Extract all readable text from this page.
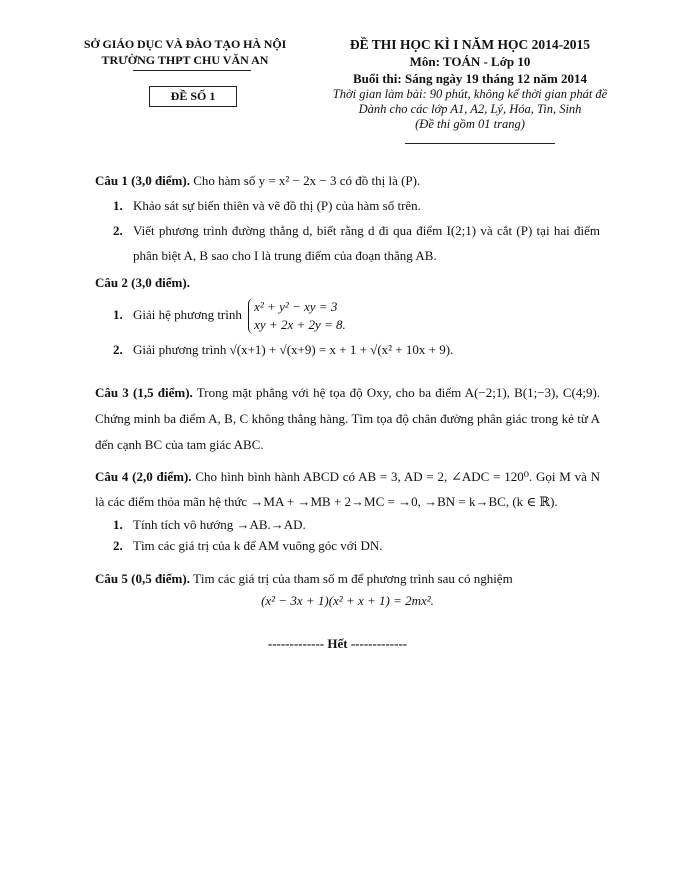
SỞ GIÁO DỤC VÀ ĐÀO TẠO HÀ NỘI
TRƯỜNG THPT CHU VĂN AN
ĐỀ SỐ 1
ĐỀ THI HỌC KÌ I NĂM HỌC 2014-2015
Môn: TOÁN - Lớp 10
Buổi thi: Sáng ngày 19 tháng 12 năm 2014
Thời gian làm bài: 90 phút, không kể thời gian phát đề
Dành cho các lớp A1, A2, Lý, Hóa, Tin, Sinh
(Đề thi gồm 01 trang)
Câu 1 (3,0 điểm). Cho hàm số y = x² − 2x − 3 có đồ thị là (P).
1. Khảo sát sự biến thiên và vẽ đồ thị (P) của hàm số trên.
2. Viết phương trình đường thẳng d, biết rằng d đi qua điểm I(2;1) và cắt (P) tại hai điểm phân biệt A, B sao cho I là trung điểm của đoạn thẳng AB.
Câu 2 (3,0 điểm).
1. Giải hệ phương trình
x² + y² − xy = 3
xy + 2x + 2y = 8.
2. Giải phương trình √(x+1) + √(x+9) = x + 1 + √(x² + 10x + 9).
Câu 3 (1,5 điểm). Trong mặt phẳng với hệ tọa độ Oxy, cho ba điểm A(−2;1), B(1;−3), C(4;9). Chứng minh ba điểm A, B, C không thẳng hàng. Tìm tọa độ chân đường phân giác trong kẻ từ A đến cạnh BC của tam giác ABC.
Câu 4 (2,0 điểm). Cho hình bình hành ABCD có AB = 3, AD = 2, ∠ADC = 120⁰. Gọi M và N là các điểm thỏa mãn hệ thức →MA + →MB + 2→MC = →0, →BN = k→BC, (k ∈ ℝ).
1. Tính tích vô hướng →AB.→AD.
2. Tìm các giá trị của k để AM vuông góc với DN.
Câu 5 (0,5 điểm). Tìm các giá trị của tham số m để phương trình sau có nghiệm
(x² − 3x + 1)(x² + x + 1) = 2mx².
------------- Hết -------------
